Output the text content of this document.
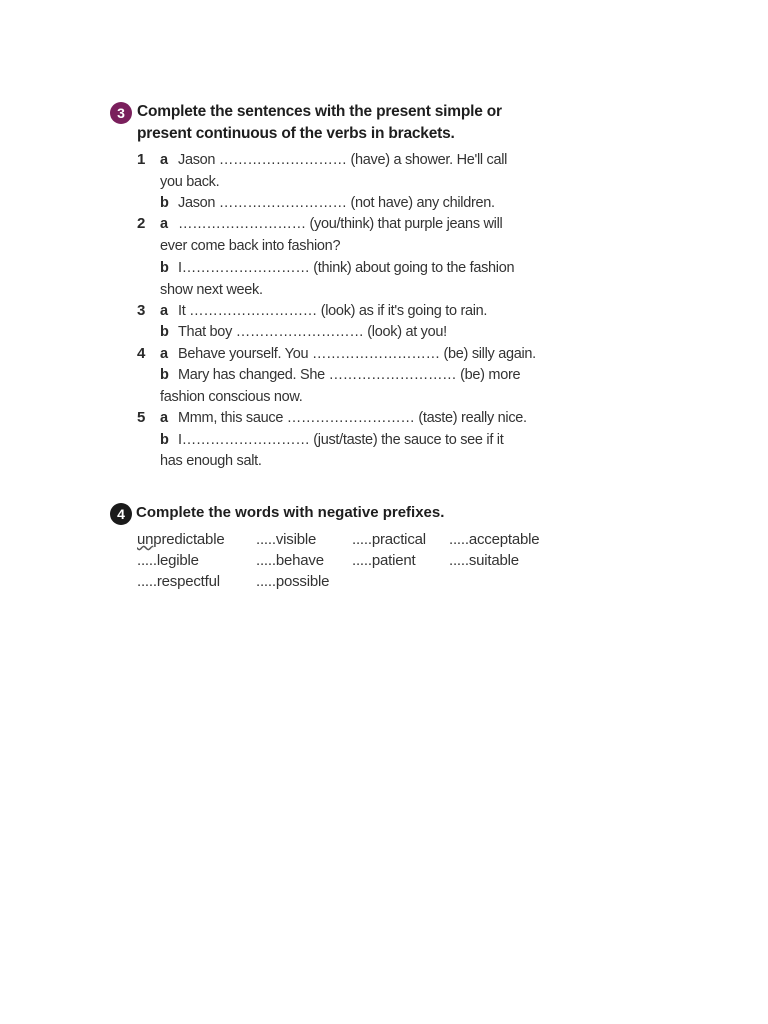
3 Complete the sentences with the present simple or
present continuous of the verbs in brackets.
1 a Jason ……………………… (have) a shower. He'll call
you back.
b Jason ……………………… (not have) any children.
2 a ……………………… (you/think) that purple jeans will
ever come back into fashion?
b I……………………… (think) about going to the fashion
show next week.
3 a It ……………………… (look) as if it's going to rain.
b That boy ……………………… (look) at you!
4 a Behave yourself. You ……………………… (be) silly again.
b Mary has changed. She ……………………… (be) more
fashion conscious now.
5 a Mmm, this sauce ……………………… (taste) really nice.
b I……………………… (just/taste) the sauce to see if it
has enough salt.
4 Complete the words with negative prefixes.
unpredictable .....visible .....practical .....acceptable
.....legible	.....behave .....patient .....suitable
.....respectful .....possible
